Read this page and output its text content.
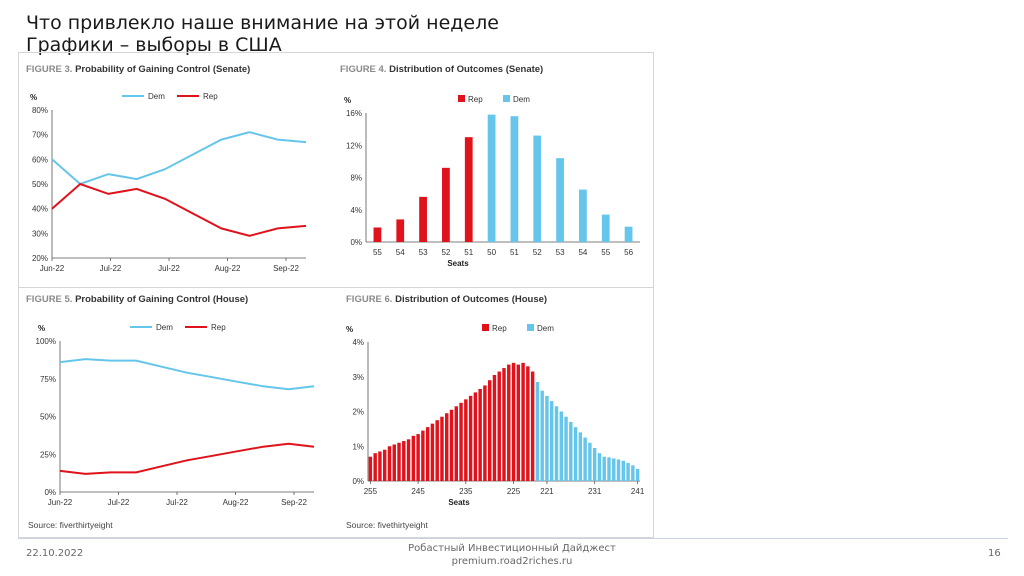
Что привлекло наше внимание на этой неделе
Графики – выборы в США
FIGURE 3. Probability of Gaining Control (Senate)
%	Dem	Rep
20%
30%
40%
50%
60%
70%
80%
Jun-22	Jul-22	Jul-22	Aug-22	Sep-22
FIGURE 4. Distribution of Outcomes (Senate)
%	Rep	Dem
0%
4%
8%
12%
16%
55 54 53 52 51 50 51 52 53 54 55 56
Seats
FIGURE 5. Probability of Gaining Control (House)
%	Dem	Rep
0%
25%
50%
75%
100%
Jun-22	Jul-22	Jul-22	Aug-22	Sep-22
Source: fiverthirtyeight
FIGURE 6. Distribution of Outcomes (House)
%	Rep	Dem
0%
1%
2%
3%
4%
255	245	235	225	221	231	241
Seats
Source: fivethirtyeight
22.10.2022	Робастный Инвестиционный Дайджест
premium.road2riches.ru
16
